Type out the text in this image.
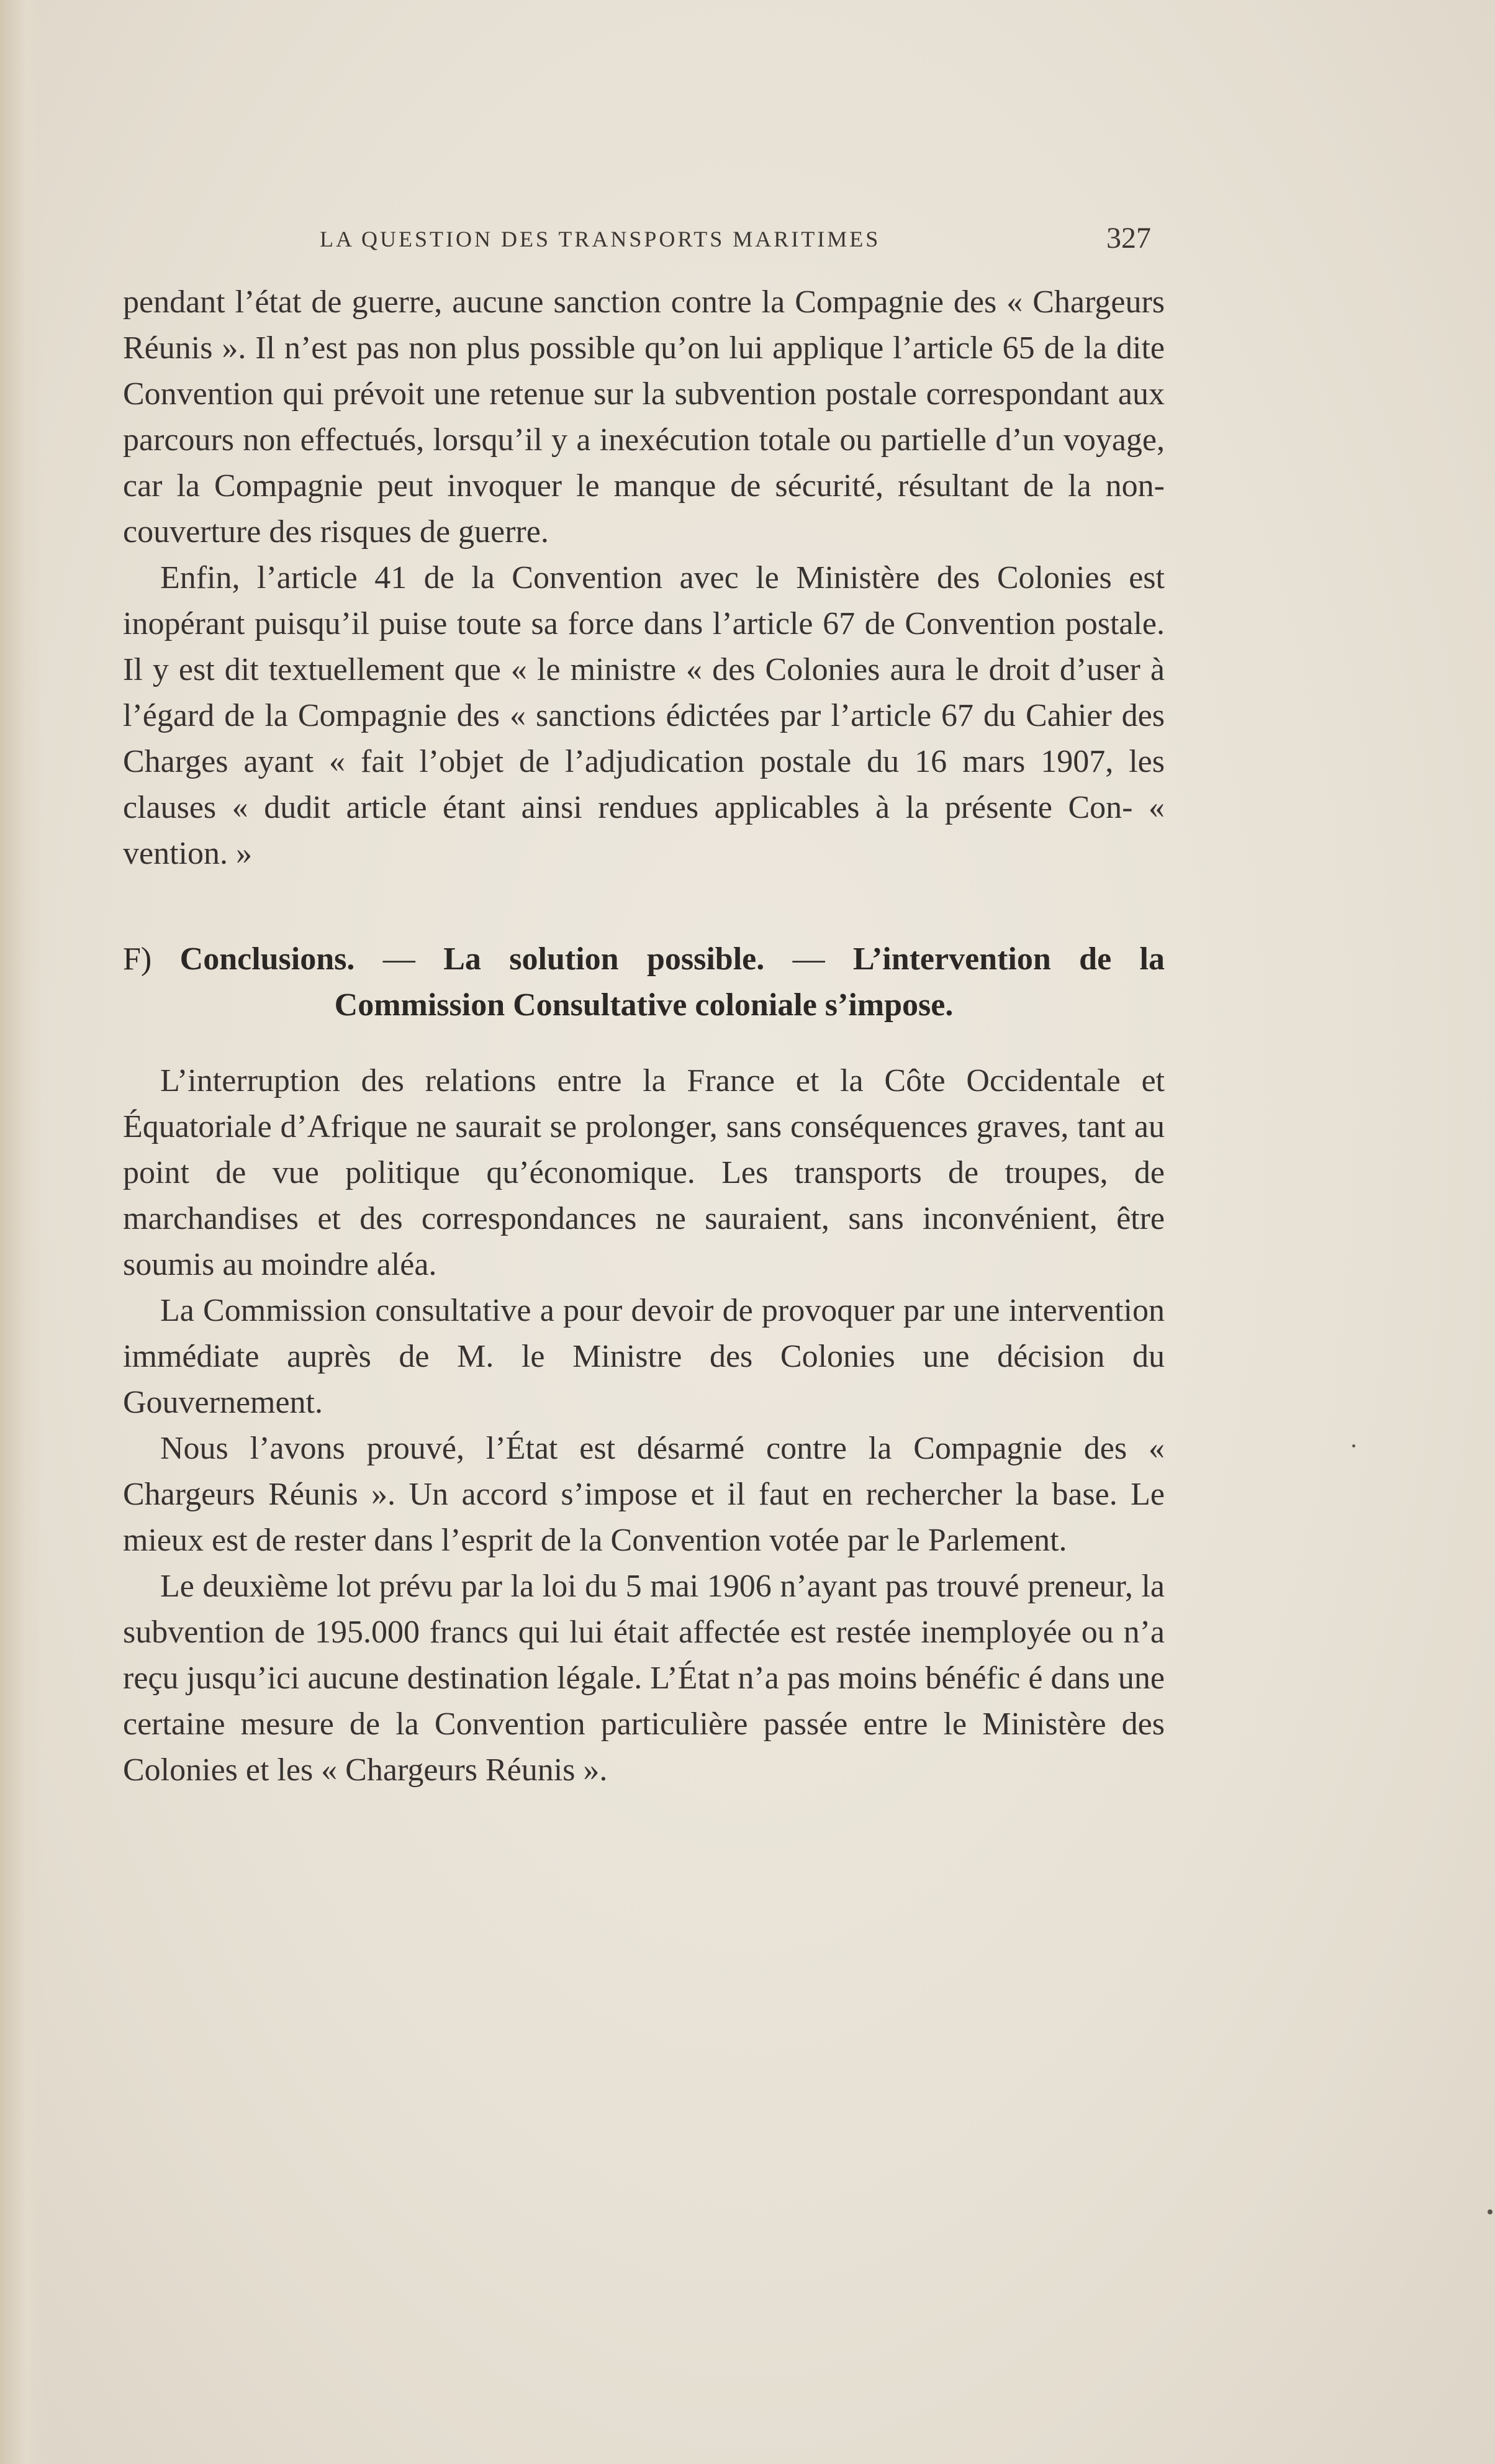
LA QUESTION DES TRANSPORTS MARITIMES	327

pendant l’état de guerre, aucune sanction contre la Compagnie des « Chargeurs Réunis ». Il n’est pas non plus possible qu’on lui applique l’article 65 de la dite Convention qui prévoit une retenue sur la subvention postale correspondant aux parcours non effectués, lorsqu’il y a inexécution totale ou partielle d’un voyage, car la Compagnie peut invoquer le manque de sécurité, résultant de la non-couverture des risques de guerre.

Enfin, l’article 41 de la Convention avec le Ministère des Colonies est inopérant puisqu’il puise toute sa force dans l’article 67 de Convention postale. Il y est dit textuellement que « le ministre « des Colonies aura le droit d’user à l’égard de la Compagnie des « sanctions édictées par l’article 67 du Cahier des Charges ayant « fait l’objet de l’adjudication postale du 16 mars 1907, les clauses « dudit article étant ainsi rendues applicables à la présente Con- « vention. »

F) Conclusions. — La solution possible. — L’intervention de la
Commission Consultative coloniale s’impose.

L’interruption des relations entre la France et la Côte Occidentale et Équatoriale d’Afrique ne saurait se prolonger, sans conséquences graves, tant au point de vue politique qu’économique. Les transports de troupes, de marchandises et des correspondances ne sauraient, sans inconvénient, être soumis au moindre aléa.

La Commission consultative a pour devoir de provoquer par une intervention immédiate auprès de M. le Ministre des Colonies une décision du Gouvernement.

Nous l’avons prouvé, l’État est désarmé contre la Compagnie des « Chargeurs Réunis ». Un accord s’impose et il faut en rechercher la base. Le mieux est de rester dans l’esprit de la Convention votée par le Parlement.

Le deuxième lot prévu par la loi du 5 mai 1906 n’ayant pas trouvé preneur, la subvention de 195.000 francs qui lui était affectée est restée inemployée ou n’a reçu jusqu’ici aucune destination légale. L’État n’a pas moins bénéfic é dans une certaine mesure de la Convention particulière passée entre le Ministère des Colonies et les « Chargeurs Réunis ».
